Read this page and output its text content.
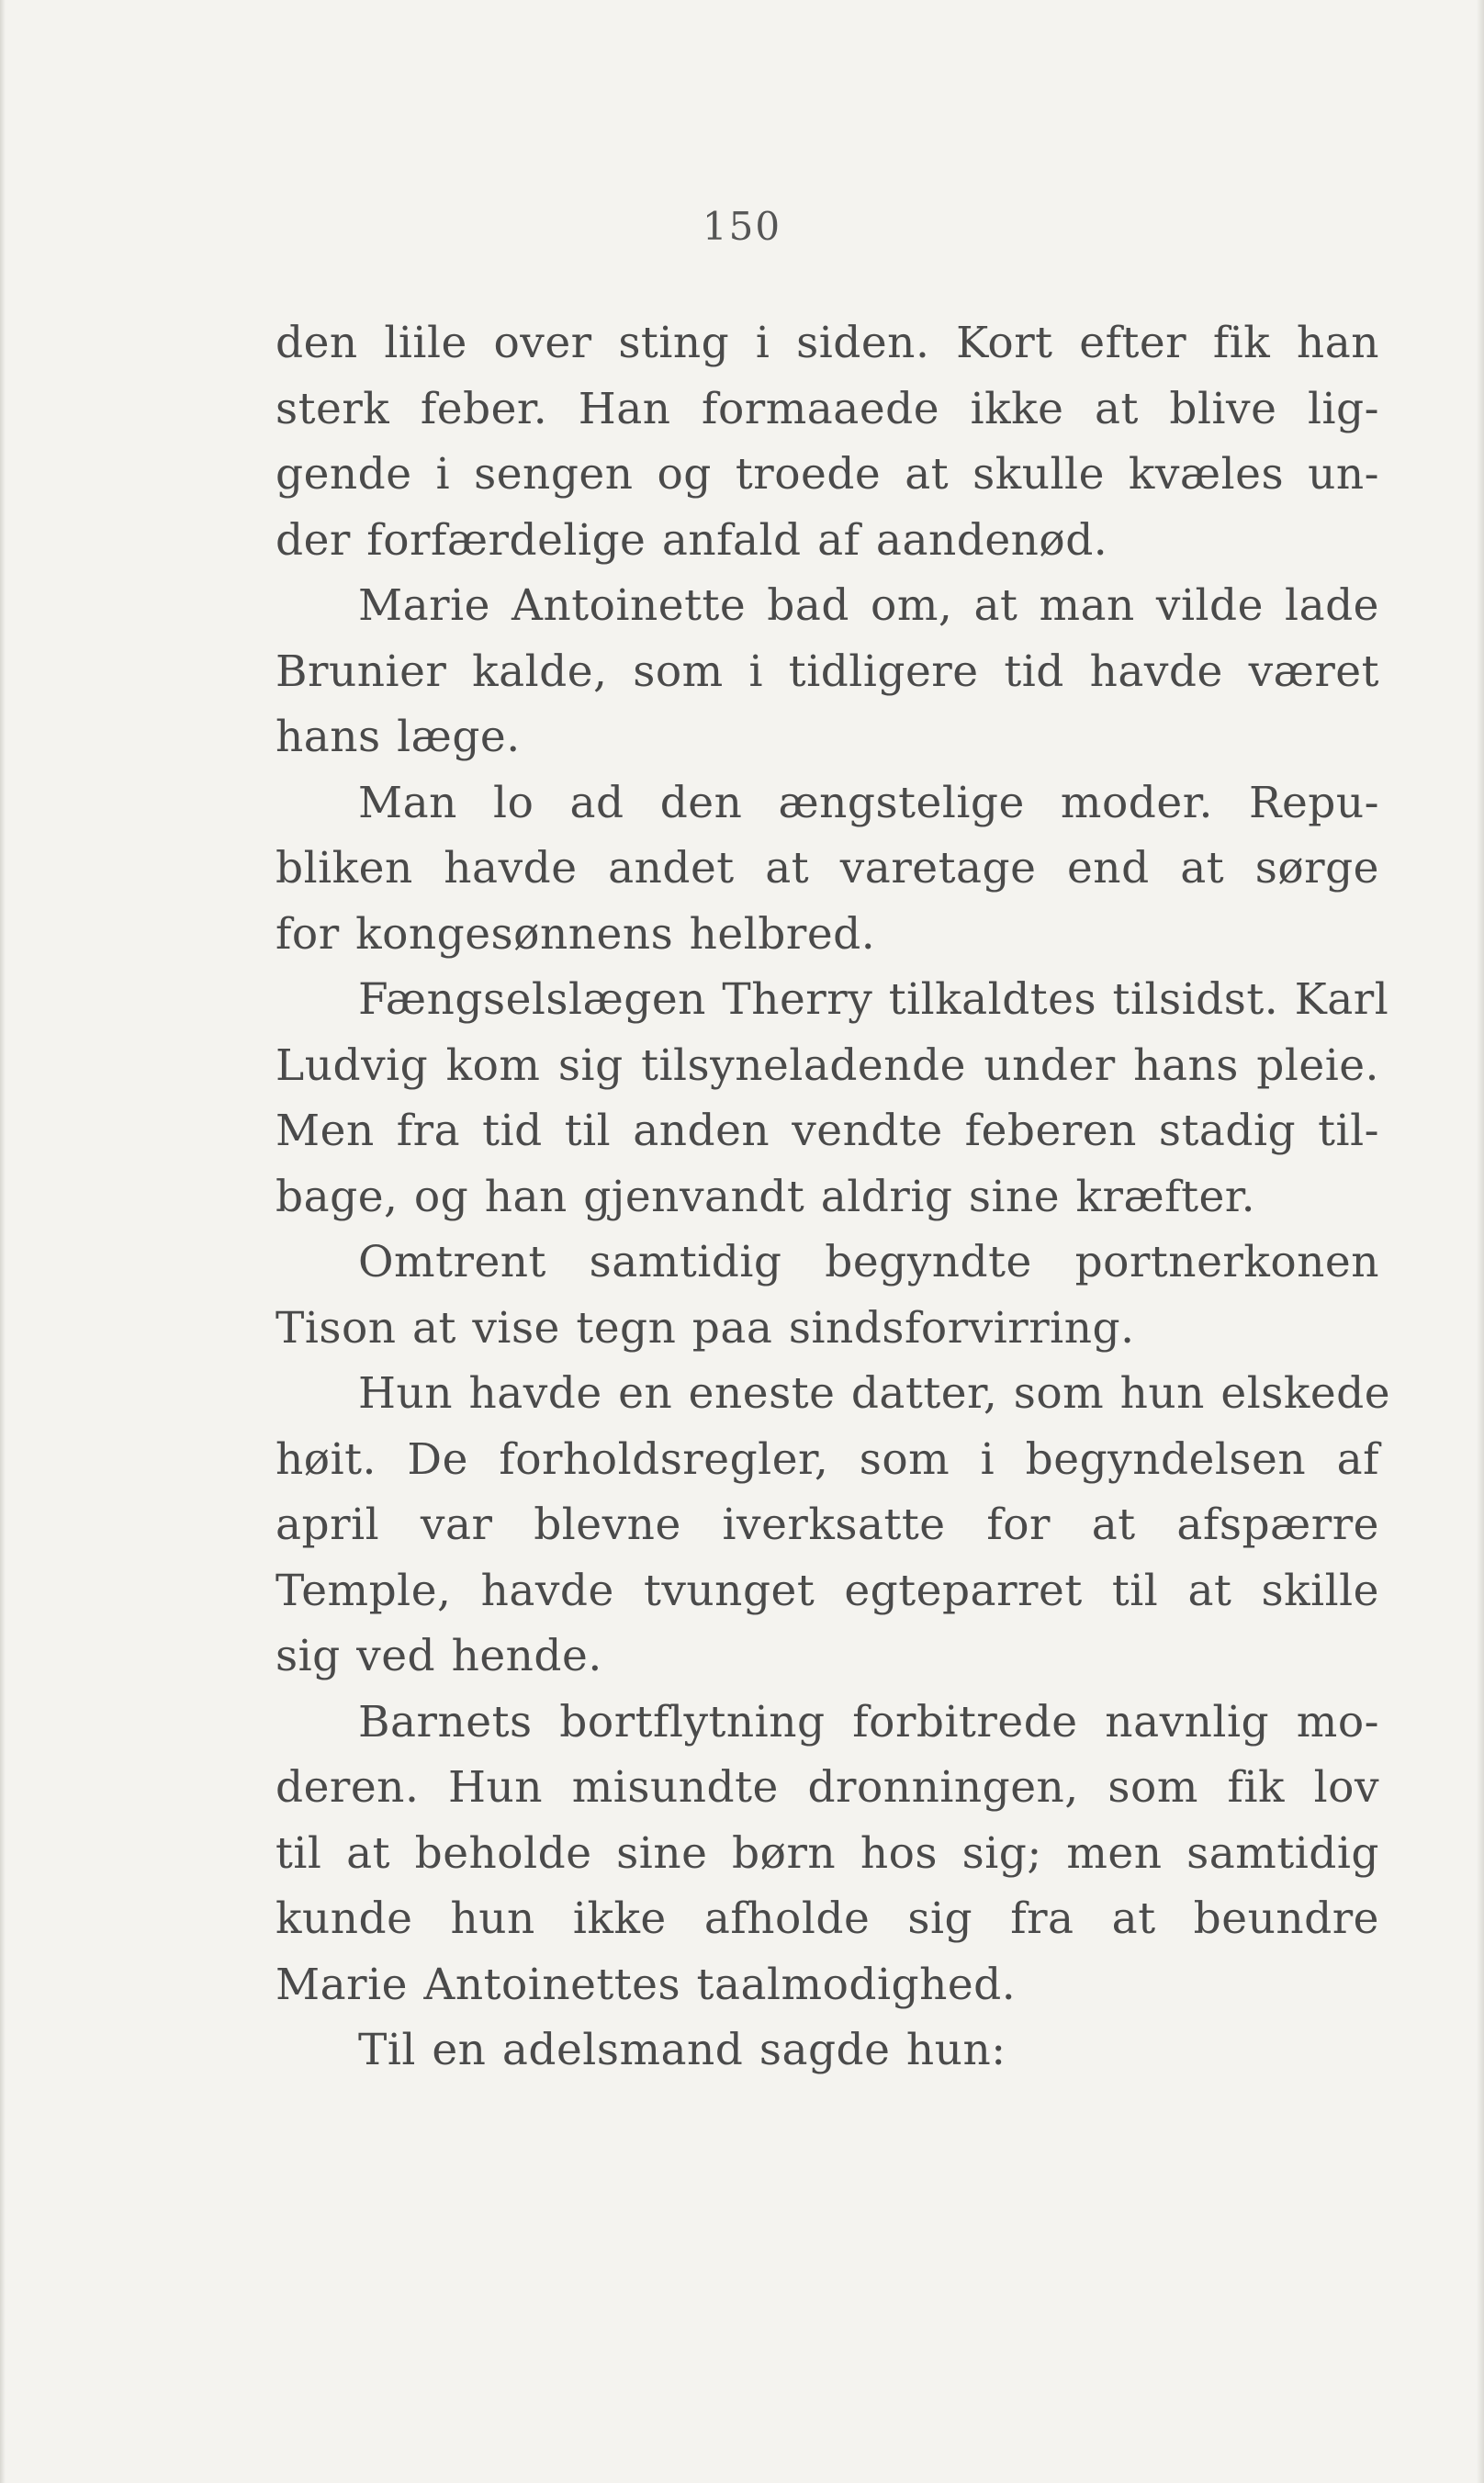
150
den liile over sting i siden. Kort efter fik han
sterk feber. Han formaaede ikke at blive lig-
gende i sengen og troede at skulle kvæles un-
der forfærdelige anfald af aandenød.
Marie Antoinette bad om, at man vilde lade
Brunier kalde, som i tidligere tid havde været
hans læge.
Man lo ad den ængstelige moder. Repu-
bliken havde andet at varetage end at sørge
for kongesønnens helbred.
Fængselslægen Therry tilkaldtes tilsidst. Karl
Ludvig kom sig tilsyneladende under hans pleie.
Men fra tid til anden vendte feberen stadig til-
bage, og han gjenvandt aldrig sine kræfter.
Omtrent samtidig begyndte portnerkonen
Tison at vise tegn paa sindsforvirring.
Hun havde en eneste datter, som hun elskede
høit. De forholdsregler, som i begyndelsen af
april var blevne iverksatte for at afspærre
Temple, havde tvunget egteparret til at skille
sig ved hende.
Barnets bortflytning forbitrede navnlig mo-
deren. Hun misundte dronningen, som fik lov
til at beholde sine børn hos sig; men samtidig
kunde hun ikke afholde sig fra at beundre
Marie Antoinettes taalmodighed.
Til en adelsmand sagde hun:
